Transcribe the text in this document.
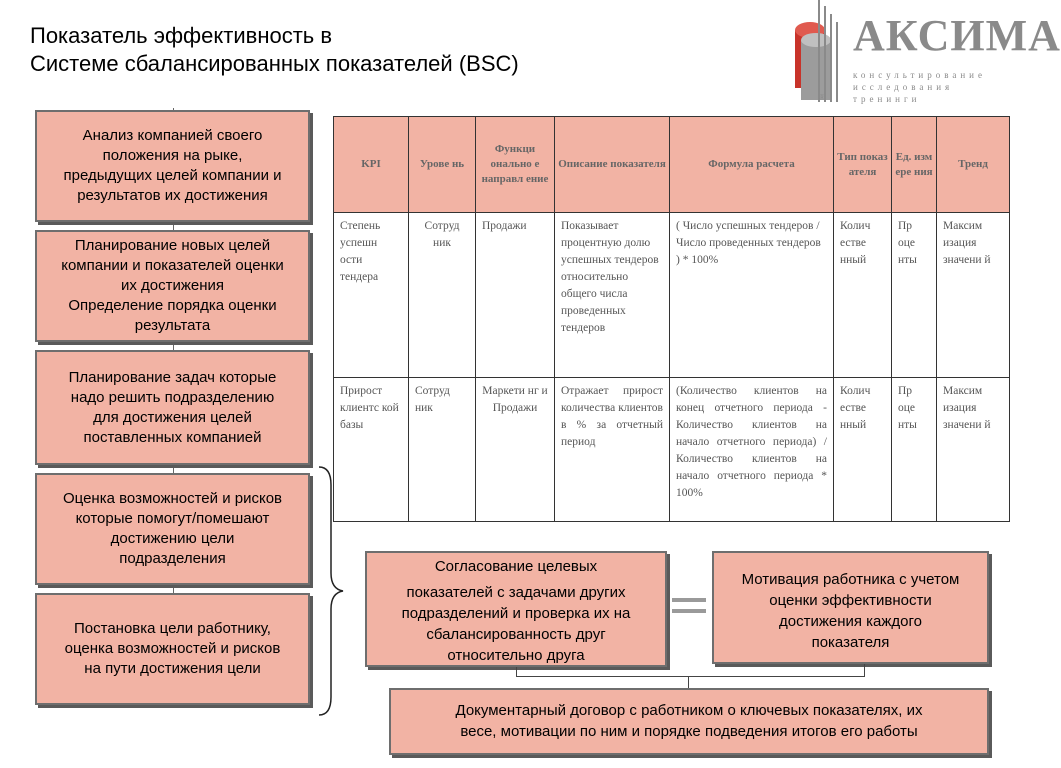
Показатель эффективность в
Системе сбалансированных показателей (BSC)
АКСИМА
консультирование
исследования
тренинги
®
Анализ компанией своего
положения на рыке,
предыдущих целей компании и
результатов их достижения
Планирование новых целей
компании и показателей оценки
их достижения
Определение порядка оценки
результата
Планирование задач которые
надо решить подразделению
для достижения целей
поставленных компанией
Оценка возможностей и рисков
которые помогут/помешают
достижению цели
подразделения
Постановка цели работнику,
оценка возможностей и рисков
на пути достижения цели
KPI	Урове нь	Функци онально е направл ение	Описание показателя	Формула расчета	Тип показ ателя	Ед. изм ере ния	Тренд
Степень успешн ости тендера	Сотруд ник	Продажи	Показывает процентную долю успешных тендеров относительно общего числа проведенных тендеров	( Число успешных тендеров / Число проведенных тендеров ) * 100%	Колич естве нный	Пр оце нты	Максим изация значени й
Прирост клиентс кой базы	Сотруд ник	Маркети нг и Продажи	Отражает прирост количества клиентов в % за отчетный период	(Количество клиентов на конец отчетного периода - Количество клиентов на начало отчетного периода) / Количество клиентов на начало отчетного периода * 100%	Колич естве нный	Пр оце нты	Максим изация значени й
Согласование целевых
показателей с задачами других
подразделений и проверка их на
сбалансированность друг
относительно друга
Мотивация работника с учетом
оценки эффективности
достижения каждого
показателя
Документарный договор с работником о ключевых показателях, их
весе, мотивации по ним и порядке подведения итогов его работы
